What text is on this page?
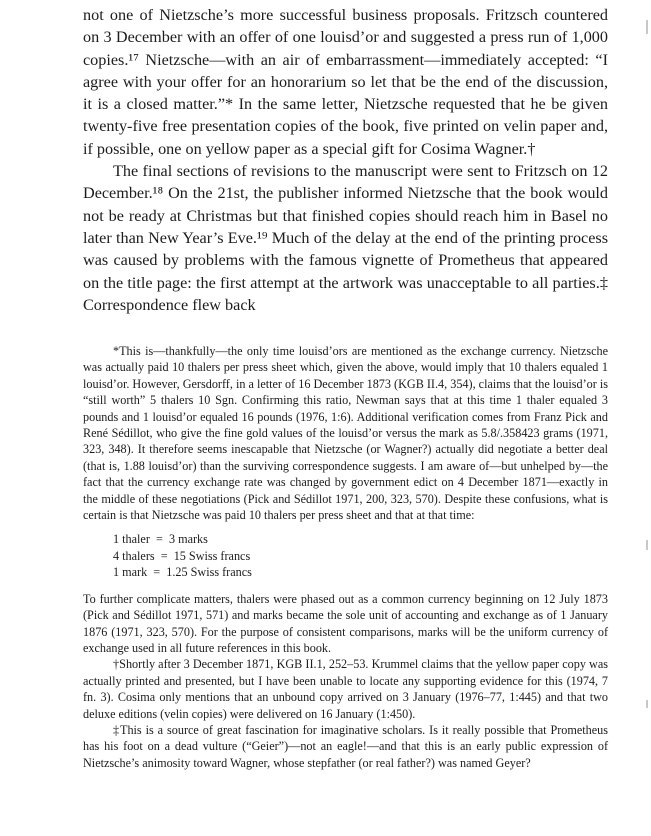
not one of Nietzsche’s more successful business proposals. Fritzsch countered on 3 December with an offer of one louisd’or and suggested a press run of 1,000 copies.¹⁷ Nietzsche—with an air of embarrassment—immediately accepted: “I agree with your offer for an honorarium so let that be the end of the discussion, it is a closed matter.”* In the same letter, Nietzsche requested that he be given twenty-five free presentation copies of the book, five printed on velin paper and, if possible, one on yellow paper as a special gift for Cosima Wagner.†

The final sections of revisions to the manuscript were sent to Fritzsch on 12 December.¹⁸ On the 21st, the publisher informed Nietzsche that the book would not be ready at Christmas but that finished copies should reach him in Basel no later than New Year’s Eve.¹⁹ Much of the delay at the end of the printing process was caused by problems with the famous vignette of Prometheus that appeared on the title page: the first attempt at the artwork was unacceptable to all parties.‡ Correspondence flew back

*This is—thankfully—the only time louisd’ors are mentioned as the exchange currency. Nietzsche was actually paid 10 thalers per press sheet which, given the above, would imply that 10 thalers equaled 1 louisd’or. However, Gersdorff, in a letter of 16 December 1873 (KGB II.4, 354), claims that the louisd’or is “still worth” 5 thalers 10 Sgn. Confirming this ratio, Newman says that at this time 1 thaler equaled 3 pounds and 1 louisd’or equaled 16 pounds (1976, 1:6). Additional verification comes from Franz Pick and René Sédillot, who give the fine gold values of the louisd’or versus the mark as 5.8/.358423 grams (1971, 323, 348). It therefore seems inescapable that Nietzsche (or Wagner?) actually did negotiate a better deal (that is, 1.88 louisd’or) than the surviving correspondence suggests. I am aware of—but unhelped by—the fact that the currency exchange rate was changed by government edict on 4 December 1871—exactly in the middle of these negotiations (Pick and Sédillot 1971, 200, 323, 570). Despite these confusions, what is certain is that Nietzsche was paid 10 thalers per press sheet and that at that time:

1 thaler  =  3 marks
4 thalers  =  15 Swiss francs
1 mark  =  1.25 Swiss francs

To further complicate matters, thalers were phased out as a common currency beginning on 12 July 1873 (Pick and Sédillot 1971, 571) and marks became the sole unit of accounting and exchange as of 1 January 1876 (1971, 323, 570). For the purpose of consistent comparisons, marks will be the uniform currency of exchange used in all future references in this book.

†Shortly after 3 December 1871, KGB II.1, 252–53. Krummel claims that the yellow paper copy was actually printed and presented, but I have been unable to locate any supporting evidence for this (1974, 7 fn. 3). Cosima only mentions that an unbound copy arrived on 3 January (1976–77, 1:445) and that two deluxe editions (velin copies) were delivered on 16 January (1:450).

‡This is a source of great fascination for imaginative scholars. Is it really possible that Prometheus has his foot on a dead vulture (“Geier”)—not an eagle!—and that this is an early public expression of Nietzsche’s animosity toward Wagner, whose stepfather (or real father?) was named Geyer?
